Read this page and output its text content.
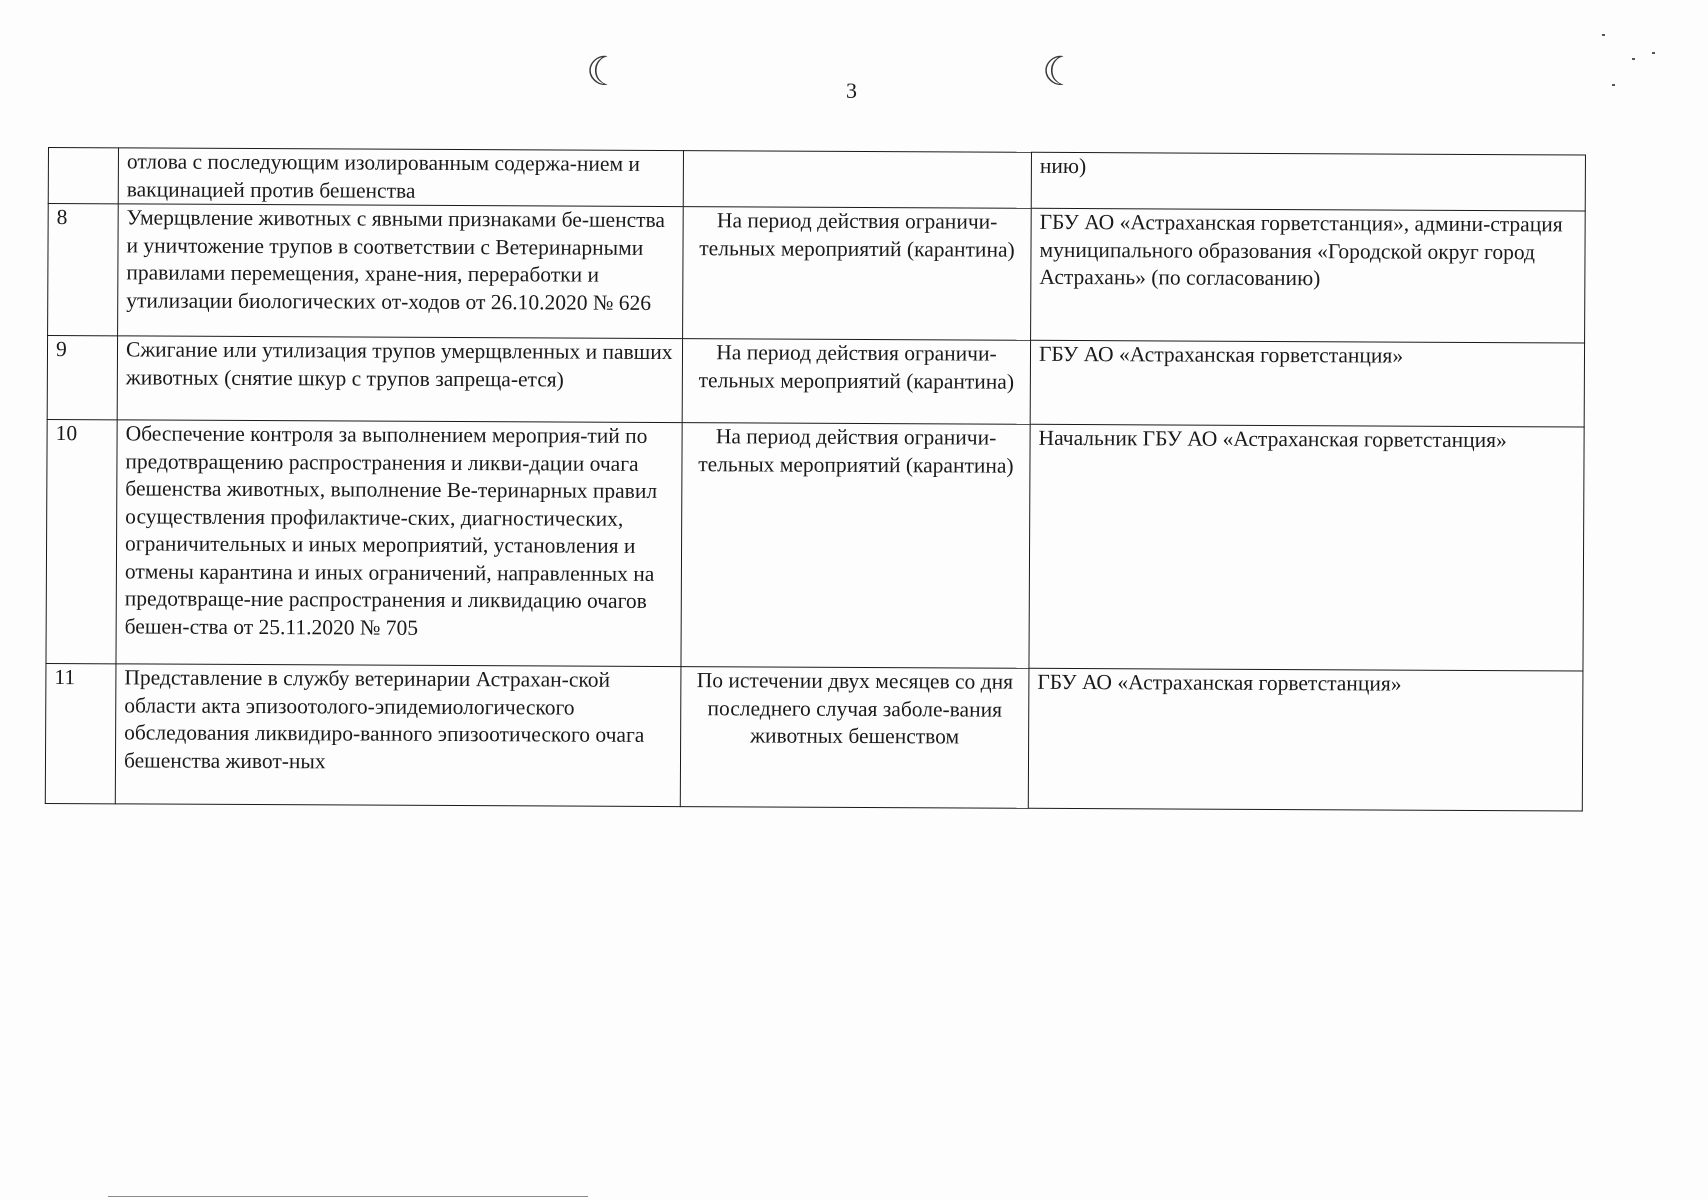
☾	☾
3
	отлова с последующим изолированным содержа-нием и вакцинацией против бешенства		нию)
8	Умерщвление животных с явными признаками бе-шенства и уничтожение трупов в соответствии с Ветеринарными правилами перемещения, хране-ния, переработки и утилизации биологических от-ходов от 26.10.2020 № 626	На период действия ограничи-тельных мероприятий (карантина)	ГБУ АО «Астраханская горветстанция», админи-страция муниципального образования «Городской округ город Астрахань» (по согласованию)
9	Сжигание или утилизация трупов умерщвленных и павших животных (снятие шкур с трупов запреща-ется)	На период действия ограничи-тельных мероприятий (карантина)	ГБУ АО «Астраханская горветстанция»
10	Обеспечение контроля за выполнением мероприя-тий по предотвращению распространения и ликви-дации очага бешенства животных, выполнение Ве-теринарных правил осуществления профилактиче-ских, диагностических, ограничительных и иных мероприятий, установления и отмены карантина и иных ограничений, направленных на предотвраще-ние распространения и ликвидацию очагов бешен-ства от 25.11.2020 № 705	На период действия ограничи-тельных мероприятий (карантина)	Начальник ГБУ АО «Астраханская горветстанция»
11	Представление в службу ветеринарии Астрахан-ской области акта эпизоотолого-эпидемиологического обследования ликвидиро-ванного эпизоотического очага бешенства живот-ных	По истечении двух месяцев со дня последнего случая заболе-вания животных бешенством	ГБУ АО «Астраханская горветстанция»
